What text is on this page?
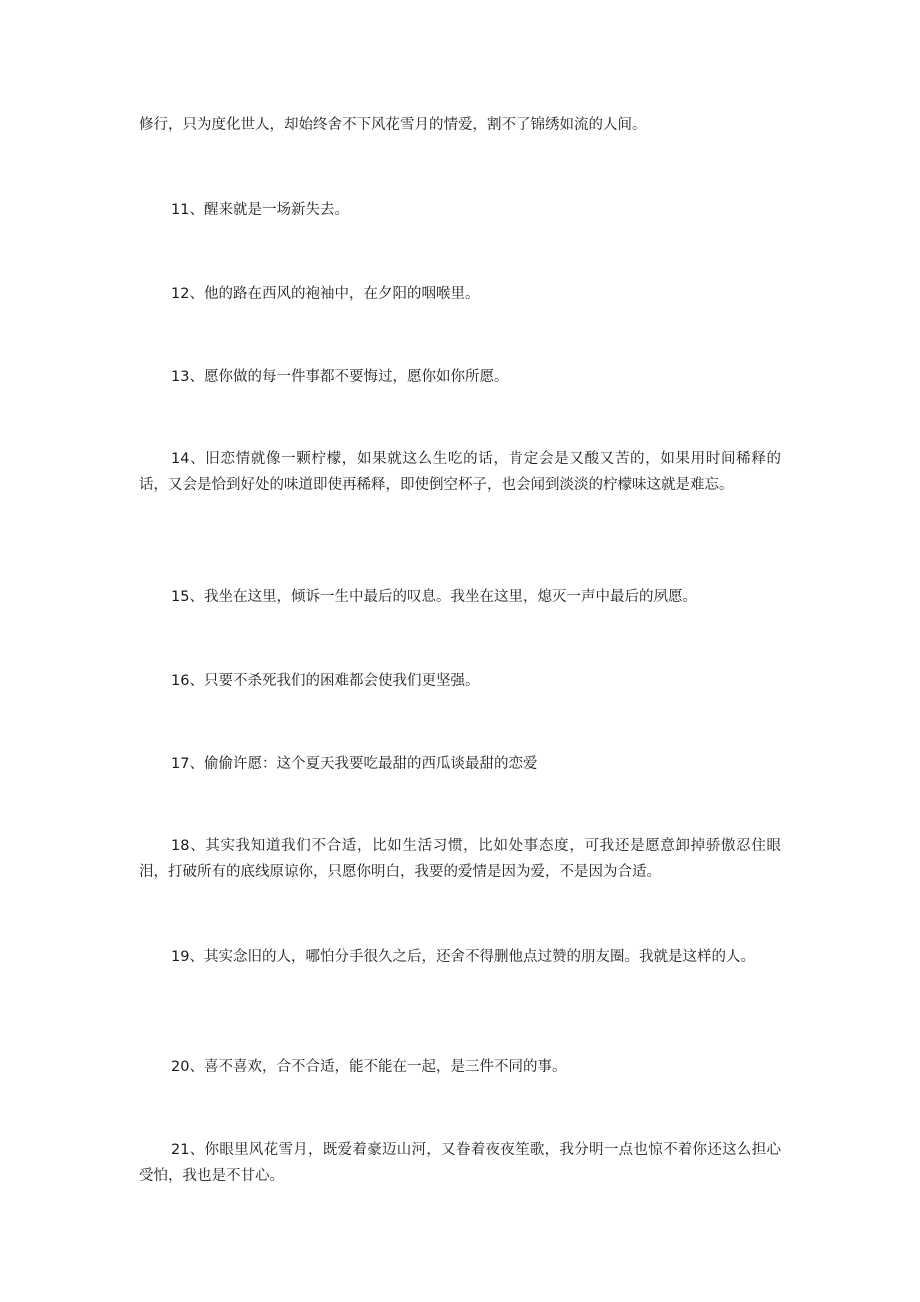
修行，只为度化世人，却始终舍不下风花雪月的情爱，割不了锦绣如流的人间。

11、醒来就是一场新失去。

12、他的路在西风的袍袖中，在夕阳的咽喉里。

13、愿你做的每一件事都不要悔过，愿你如你所愿。

14、旧恋情就像一颗柠檬，如果就这么生吃的话，肯定会是又酸又苦的，如果用时间稀释的话，又会是恰到好处的味道即使再稀释，即使倒空杯子，也会闻到淡淡的柠檬味这就是难忘。

15、我坐在这里，倾诉一生中最后的叹息。我坐在这里，熄灭一声中最后的夙愿。

16、只要不杀死我们的困难都会使我们更坚强。

17、偷偷许愿：这个夏天我要吃最甜的西瓜谈最甜的恋爱

18、其实我知道我们不合适，比如生活习惯，比如处事态度，可我还是愿意卸掉骄傲忍住眼泪，打破所有的底线原谅你，只愿你明白，我要的爱情是因为爱，不是因为合适。

19、其实念旧的人，哪怕分手很久之后，还舍不得删他点过赞的朋友圈。我就是这样的人。

20、喜不喜欢，合不合适，能不能在一起，是三件不同的事。

21、你眼里风花雪月，既爱着豪迈山河，又眷着夜夜笙歌，我分明一点也惊不着你还这么担心受怕，我也是不甘心。
